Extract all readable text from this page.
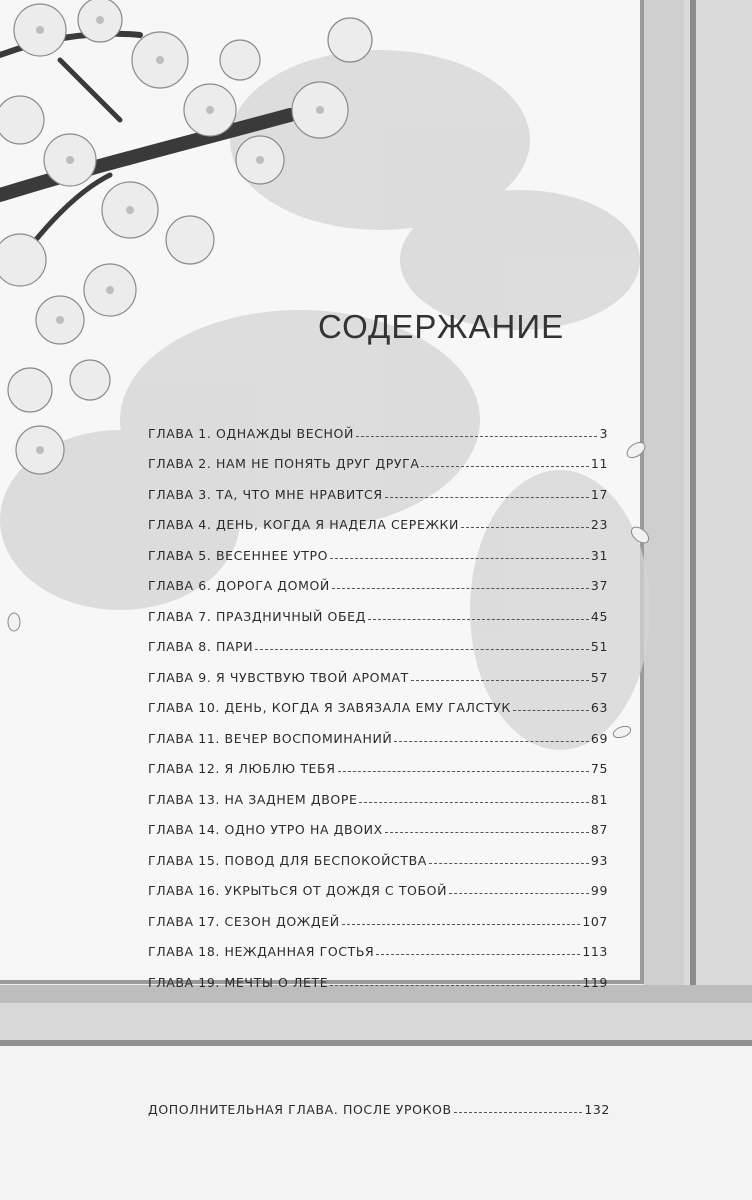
СОДЕРЖАНИЕ
ГЛАВА 1. ОДНАЖДЫ ВЕСНОЙ	3
ГЛАВА 2. НАМ НЕ ПОНЯТЬ ДРУГ ДРУГА	11
ГЛАВА 3. ТА, ЧТО МНЕ НРАВИТСЯ	17
ГЛАВА 4. ДЕНЬ, КОГДА Я НАДЕЛА СЕРЕЖКИ	23
ГЛАВА 5. ВЕСЕННЕЕ УТРО	31
ГЛАВА 6. ДОРОГА ДОМОЙ	37
ГЛАВА 7. ПРАЗДНИЧНЫЙ ОБЕД	45
ГЛАВА 8. ПАРИ	51
ГЛАВА 9. Я ЧУВСТВУЮ ТВОЙ АРОМАТ	57
ГЛАВА 10. ДЕНЬ, КОГДА Я ЗАВЯЗАЛА ЕМУ ГАЛСТУК	63
ГЛАВА 11. ВЕЧЕР ВОСПОМИНАНИЙ	69
ГЛАВА 12. Я ЛЮБЛЮ ТЕБЯ	75
ГЛАВА 13. НА ЗАДНЕМ ДВОРЕ	81
ГЛАВА 14. ОДНО УТРО НА ДВОИХ	87
ГЛАВА 15. ПОВОД ДЛЯ БЕСПОКОЙСТВА	93
ГЛАВА 16. УКРЫТЬСЯ ОТ ДОЖДЯ С ТОБОЙ	99
ГЛАВА 17. СЕЗОН ДОЖДЕЙ	107
ГЛАВА 18. НЕЖДАННАЯ ГОСТЬЯ	113
ГЛАВА 19. МЕЧТЫ О ЛЕТЕ	119
ДОПОЛНИТЕЛЬНАЯ ГЛАВА. ПОСЛЕ УРОКОВ	132
